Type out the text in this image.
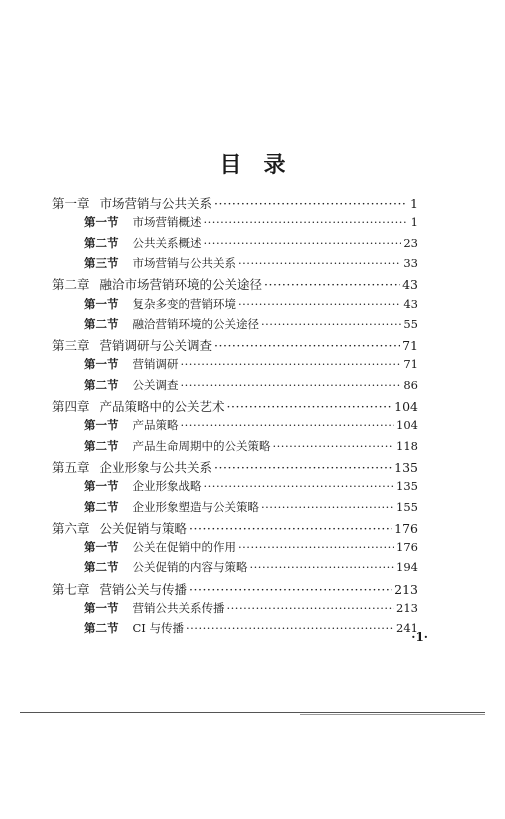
目录
第一章 市场营销与公共关系 ·····	1
第一节 市场营销概述 ·····	1
第二节 公共关系概述 ·····	23
第三节 市场营销与公共关系 ·····	33
第二章 融洽市场营销环境的公关途径 ·····	43
第一节 复杂多变的营销环境 ·····	43
第二节 融洽营销环境的公关途径 ·····	55
第三章 营销调研与公关调查 ·····	71
第一节 营销调研 ·····	71
第二节 公关调查 ·····	86
第四章 产品策略中的公关艺术 ·····	104
第一节 产品策略 ·····	104
第二节 产品生命周期中的公关策略 ·····	118
第五章 企业形象与公共关系 ·····	135
第一节 企业形象战略 ·····	135
第二节 企业形象塑造与公关策略 ·····	155
第六章 公关促销与策略 ·····	176
第一节 公关在促销中的作用 ·····	176
第二节 公关促销的内容与策略 ·····	194
第七章 营销公关与传播 ·····	213
第一节 营销公共关系传播 ·····	213
第二节 CI 与传播 ·····	241
·1·
